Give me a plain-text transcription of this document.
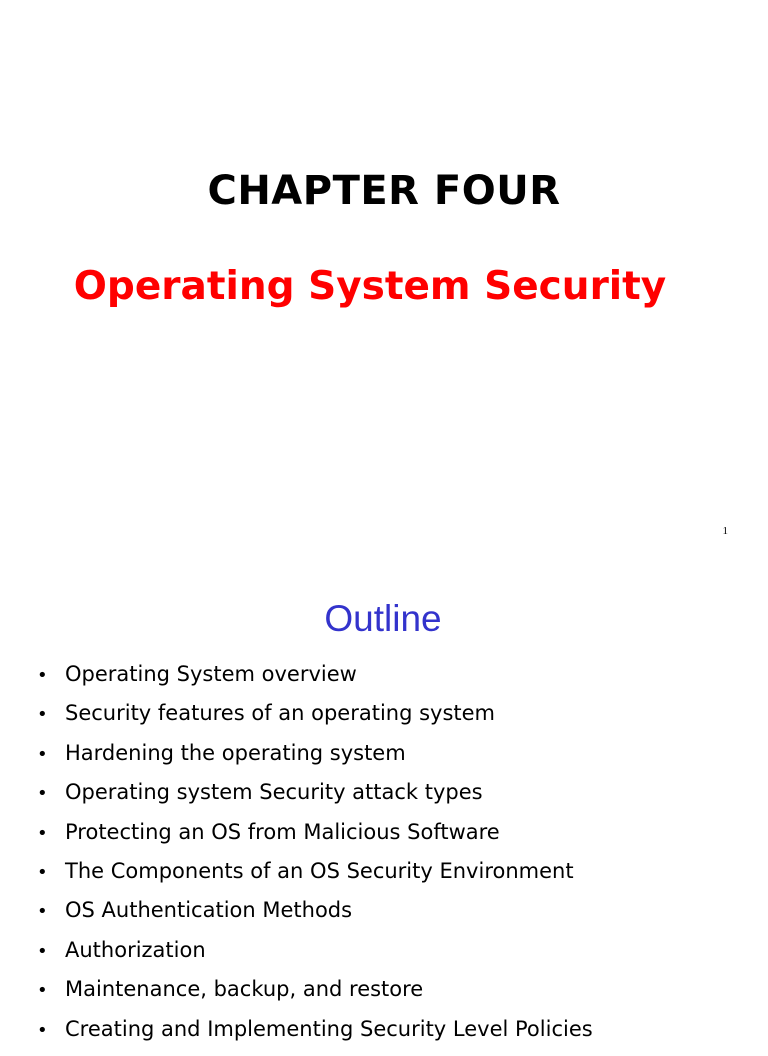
CHAPTER FOUR
Operating System Security
1
Outline
• Operating System overview
• Security features of an operating system
• Hardening the operating system
• Operating system Security attack types
• Protecting an OS from Malicious Software
• The Components of an OS Security Environment
• OS Authentication Methods
• Authorization
• Maintenance, backup, and restore
• Creating and Implementing Security Level Policies
